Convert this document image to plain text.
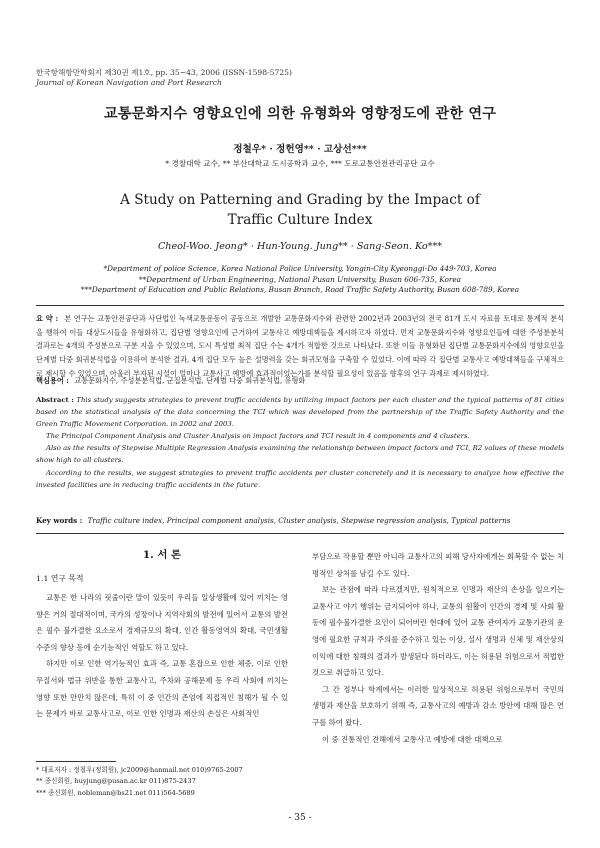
한국항해항만학회지 제30권 제1호, pp. 35~43, 2006 (ISSN-1598-5725)
Journal of Korean Navigation and Port Research
교통문화지수 영향요인에 의한 유형화와 영향정도에 관한 연구
정철우* · 정헌영** · 고상선***
* 경찰대학 교수, ** 부산대학교 도시공학과 교수, *** 도로교통안전관리공단 교수
A Study on Patterning and Grading by the Impact of
Traffic Culture Index
Cheol-Woo. Jeong* · Hun-Young. Jung** · Sang-Seon. Ko***
*Department of police Science, Korea National Police University, Yongin-City Kyeonggi-Do 449-703, Korea
**Department of Urban Engineering, National Pusan University, Busan 606-735, Korea
***Department of Education and Public Relations, Busan Branch, Road Traffic Safety Authority, Busan 608-789, Korea
요 약 : 본 연구는 교통안전공단과 사단법인 녹색교통운동이 공동으로 개발한 교통문화지수와 관련한 2002년과 2003년의 전국 81개 도시 자료를 토대로 통계적 분석을 행하여 이들 대상도시들을 유형화하고, 집단별 영향요인에 근거하여 교통사고 예방대책들을 제시하고자 하였다. 먼저 교통문화지수와 영향요인들에 대한 주성분분석 결과로는 4개의 주성분으로 구분 지을 수 있었으며, 도시 특성별 최적 집단 수는 4개가 적합한 것으로 나타났다. 또한 이들 유형화된 집단별 교통문화지수에의 영향요인을 단계별 다중 회귀분석법을 이용하여 분석한 결과, 4개 집단 모두 높은 설명력을 갖는 회귀모형을 구축할 수 있었다. 이에 따라 각 집단별 교통사고 예방대책들을 구체적으로 제시할 수 있었으며, 아울러 부자된 시설이 얼마나 교통사고 예방에 효과적이었는가를 분석할 필요성이 있음을 향후의 연구 과제로 제시하였다.
핵심용어 : 교통문화지수, 주성분분석법, 군집분석법, 단계별 다중 회귀분석법, 유형화

Abstract : This study suggests strategies to prevent traffic accidents by utilizing impact factors per each cluster and the typical patterns of 81 cities based on the statistical analysis of the data concerning the TCI which was developed from the partnership of the Traffic Safety Authority and the Green Traffic Movement Corporation. in 2002 and 2003.

The Principal Component Analysis and Cluster Analysis on impact factors and TCI result in 4 components and 4 clusters.

Also as the results of Stepwise Multiple Regression Analysis examining the relationship between impact factors and TCI, R2 values of these models show high to all clusters.

According to the results, we suggest strategies to prevent traffic accidents per cluster concretely and it is necessary to analyze how effective the invested facilities are in reducing traffic accidents in the future.

Key words : Traffic culture index, Principal component analysis, Cluster analysis, Stepwise regression analysis, Typical patterns
1. 서 론
1.1 연구 목적

교통은 한 나라의 핏줄이란 말이 있듯이 우리들 일상생활에 있어 끼치는 영향은 거의 절대적이며, 국가의 성장이나 지역사회의 발전에 있어서 교통의 발전은 필수 불가결한 요소로서 경제규모의 확대, 인간 활동영역의 확대, 국민생활 수준의 향상 등에 순기능적인 역할도 하고 있다.

하지만 이로 인한 역기능적인 효과 즉, 교통 혼잡으로 인한 체증, 이로 인한 무질서와 법규 위반을 통한 교통사고, 주차와 공해문제 등 우리 사회에 끼치는 영향 또한 만만치 않은데, 특히 이 중 인간의 존엄에 직접적인 침해가 될 수 있는 문제가 바로 교통사고로, 이로 인한 인명과 재산의 손실은 사회적인

부담으로 작용할 뿐만 아니라 교통사고의 피해 당사자에게는 회복할 수 없는 치명적인 상처를 남길 수도 있다.

보는 관점에 따라 다르겠지만, 원칙적으로 인명과 재산의 손상을 일으키는 교통사고 야기 행위는 금지되어야 하나, 교통의 원활이 인간의 경제 및 사회 활동에 필수불가결한 요인이 되어버린 현대에 있어 교통 관여자가 교통기관의 운영에 필요한 규칙과 주의를 준수하고 있는 이상, 설사 생명과 신체 및 재산상의 이익에 대한 침해의 결과가 발생된다 하더라도, 이는 허용된 위험으로서 적법한 것으로 취급하고 있다.

그 간 정부나 학계에서는 이러한 일상적으로 허용된 위험으로부터 국민의 생명과 재산을 보호하기 위해 즉, 교통사고의 예방과 감소 방안에 대해 많은 연구를 하여 왔다.

이 중 진통적인 견해에서 교통사고 예방에 대한 대책으로

* 대표저자 : 정철우(정회원), jc2009@hanmail.net 010)9765-2007
** 종신회원, huyjung@pusan.ac.kr 011)875-2437
*** 종신회원, nobleman@bs21.net 011)564-5689
- 35 -
